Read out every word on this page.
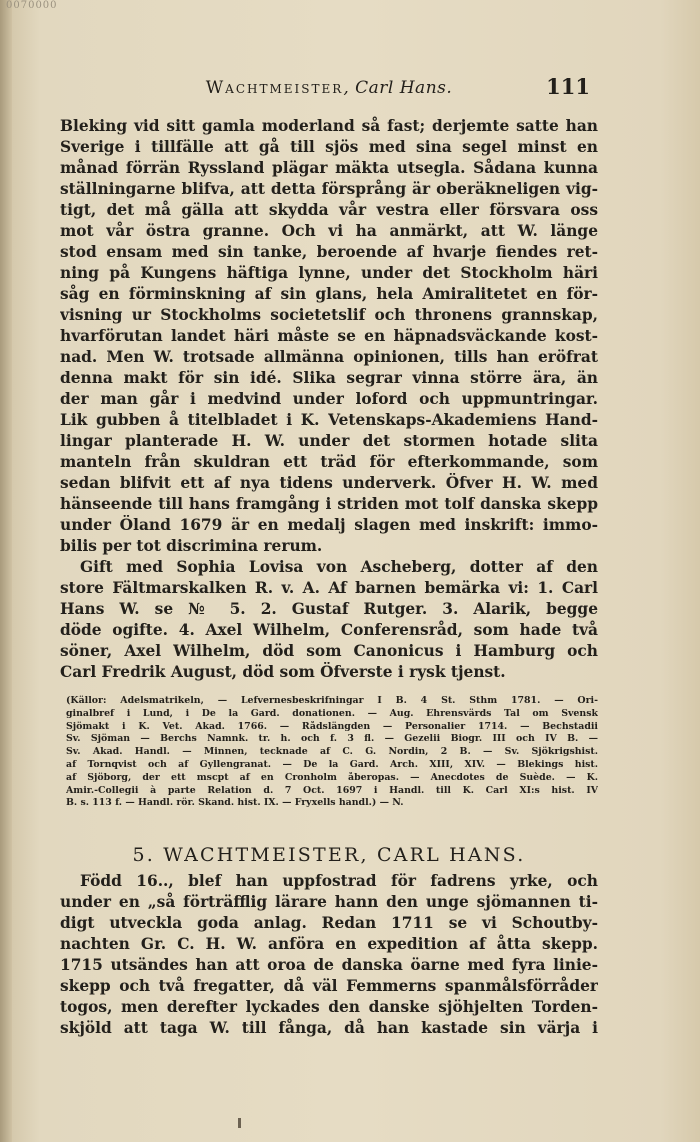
0070000
Wachtmeister, Carl Hans.	111
Bleking vid sitt gamla moderland så fast; derjemte satte han
Sverige i tillfälle att gå till sjös med sina segel minst en
månad förrän Ryssland plägar mäkta utsegla. Sådana kunna
ställningarne blifva, att detta försprång är oberäkneligen vig-
tigt, det må gälla att skydda vår vestra eller försvara oss
mot vår östra granne. Och vi ha anmärkt, att W. länge
stod ensam med sin tanke, beroende af hvarje fiendes ret-
ning på Kungens häftiga lynne, under det Stockholm häri
såg en förminskning af sin glans, hela Amiralitetet en för-
visning ur Stockholms societetslif och thronens grannskap,
hvarförutan landet häri måste se en häpnadsväckande kost-
nad. Men W. trotsade allmänna opinionen, tills han eröfrat
denna makt för sin idé. Slika segrar vinna större ära, än
der man går i medvind under loford och uppmuntringar.
Lik gubben å titelbladet i K. Vetenskaps-Akademiens Hand-
lingar planterade H. W. under det stormen hotade slita
manteln från skuldran ett träd för efterkommande, som
sedan blifvit ett af nya tidens underverk. Öfver H. W. med
hänseende till hans framgång i striden mot tolf danska skepp
under Öland 1679 är en medalj slagen med inskrift: immo-
bilis per tot discrimina rerum.
Gift med Sophia Lovisa von Ascheberg, dotter af den
store Fältmarskalken R. v. A. Af barnen bemärka vi: 1. Carl
Hans W. se № 5. 2. Gustaf Rutger. 3. Alarik, begge
döde ogifte. 4. Axel Wilhelm, Conferensråd, som hade två
söner, Axel Wilhelm, död som Canonicus i Hamburg och
Carl Fredrik August, död som Öfverste i rysk tjenst.
(Källor: Adelsmatrikeln, — Lefvernesbeskrifningar I B. 4 St. Sthm 1781. — Ori-
ginalbref i Lund, i De la Gard. donationen. — Aug. Ehrensvärds Tal om Svensk
Sjömakt i K. Vet. Akad. 1766. — Rådslängden — Personalier 1714. — Bechstadii
Sv. Sjöman — Berchs Namnk. tr. h. och f. 3 fl. — Gezelii Biogr. III och IV B. —
Sv. Akad. Handl. — Minnen, tecknade af C. G. Nordin, 2 B. — Sv. Sjökrigshist.
af Tornqvist och af Gyllengranat. — De la Gard. Arch. XIII, XIV. — Blekings hist.
af Sjöborg, der ett mscpt af en Cronholm åberopas. — Anecdotes de Suède. — K.
Amir.-Collegii à parte Relation d. 7 Oct. 1697 i Handl. till K. Carl XI:s hist. IV
B. s. 113 f. — Handl. rör. Skand. hist. IX. — Fryxells handl.) — N.
5. WACHTMEISTER, CARL HANS.
Född 16.., blef han uppfostrad för fadrens yrke, och
under en „så förträfflig lärare hann den unge sjömannen ti-
digt utveckla goda anlag. Redan 1711 se vi Schoutby-
nachten Gr. C. H. W. anföra en expedition af åtta skepp.
1715 utsändes han att oroa de danska öarne med fyra linie-
skepp och två fregatter, då väl Femmerns spanmålsförråder
togos, men derefter lyckades den danske sjöhjelten Torden-
skjöld att taga W. till fånga, då han kastade sin värja i
